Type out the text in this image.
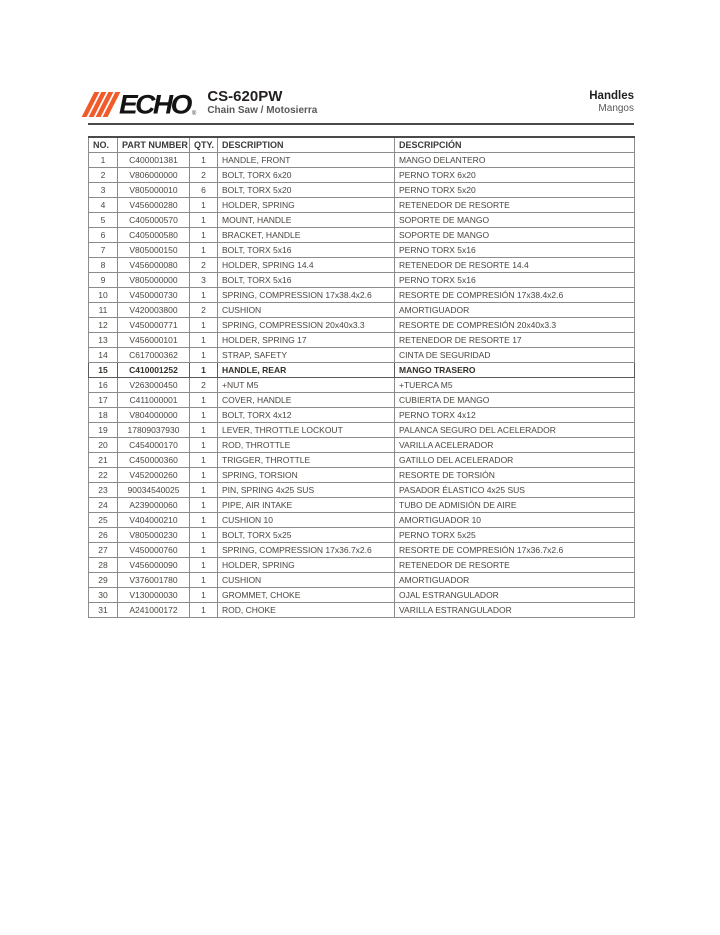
ECHO ®
CS-620PW
Chain Saw / Motosierra
Handles
Mangos
NO.	PART NUMBER	QTY.	DESCRIPTION	DESCRIPCIÓN
1	C400001381	1	HANDLE, FRONT	MANGO DELANTERO
2	V806000000	2	BOLT, TORX 6x20	PERNO TORX 6x20
3	V805000010	6	BOLT, TORX 5x20	PERNO TORX 5x20
4	V456000280	1	HOLDER, SPRING	RETENEDOR DE RESORTE
5	C405000570	1	MOUNT, HANDLE	SOPORTE DE MANGO
6	C405000580	1	BRACKET, HANDLE	SOPORTE DE MANGO
7	V805000150	1	BOLT, TORX 5x16	PERNO TORX 5x16
8	V456000080	2	HOLDER, SPRING 14.4	RETENEDOR DE RESORTE 14.4
9	V805000000	3	BOLT, TORX 5x16	PERNO TORX 5x16
10	V450000730	1	SPRING, COMPRESSION 17x38.4x2.6	RESORTE DE COMPRESIÓN 17x38.4x2.6
11	V420003800	2	CUSHION	AMORTIGUADOR
12	V450000771	1	SPRING, COMPRESSION 20x40x3.3	RESORTE DE COMPRESIÓN 20x40x3.3
13	V456000101	1	HOLDER, SPRING 17	RETENEDOR DE RESORTE 17
14	C617000362	1	STRAP, SAFETY	CINTA DE SEGURIDAD
15	C410001252	1	HANDLE, REAR	MANGO TRASERO
16	V263000450	2	+NUT M5	+TUERCA M5
17	C411000001	1	COVER, HANDLE	CUBIERTA DE MANGO
18	V804000000	1	BOLT, TORX 4x12	PERNO TORX 4x12
19	17809037930	1	LEVER, THROTTLE LOCKOUT	PALANCA SEGURO DEL ACELERADOR
20	C454000170	1	ROD, THROTTLE	VARILLA ACELERADOR
21	C450000360	1	TRIGGER, THROTTLE	GATILLO DEL ACELERADOR
22	V452000260	1	SPRING, TORSION	RESORTE DE TORSIÓN
23	90034540025	1	PIN, SPRING 4x25 SUS	PASADOR ÉLASTICO 4x25 SUS
24	A239000060	1	PIPE, AIR INTAKE	TUBO DE ADMISIÓN DE AIRE
25	V404000210	1	CUSHION 10	AMORTIGUADOR 10
26	V805000230	1	BOLT, TORX 5x25	PERNO TORX 5x25
27	V450000760	1	SPRING, COMPRESSION 17x36.7x2.6	RESORTE DE COMPRESIÓN 17x36.7x2.6
28	V456000090	1	HOLDER, SPRING	RETENEDOR DE RESORTE
29	V376001780	1	CUSHION	AMORTIGUADOR
30	V130000030	1	GROMMET, CHOKE	OJAL ESTRANGULADOR
31	A241000172	1	ROD, CHOKE	VARILLA ESTRANGULADOR
